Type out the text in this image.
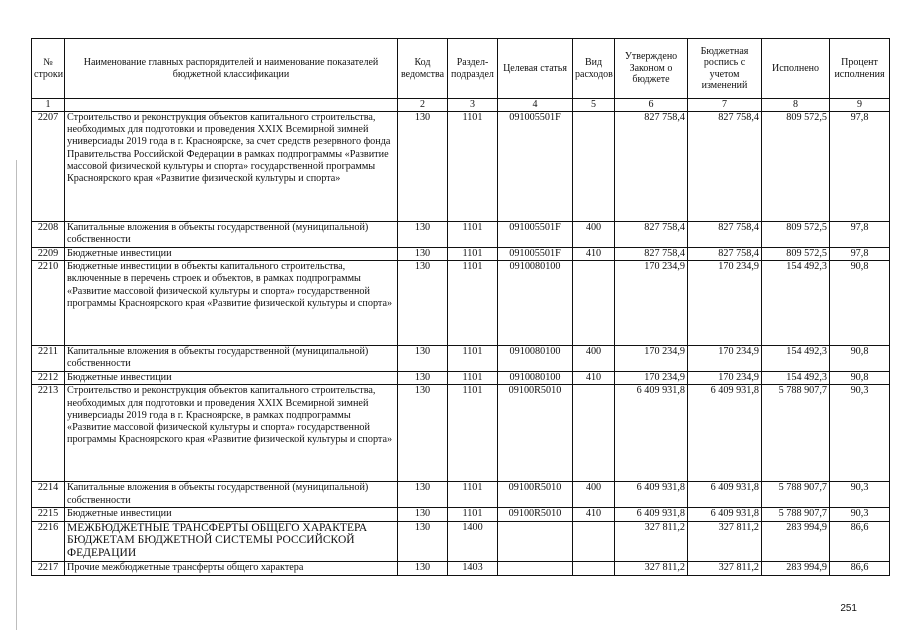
№ строки	Наименование главных распорядителей и наименование показателей бюджетной классификации	Код ведомства	Раздел-подраздел	Целевая статья	Вид расходов	Утверждено Законом о бюджете	Бюджетная роспись с учетом изменений	Исполнено	Процент исполнения
1		2	3	4	5	6	7	8	9
2207	Строительство и реконструкция объектов капитального строительства, необходимых для подготовки и проведения XXIX Всемирной зимней универсиады 2019 года в г. Красноярске, за счет средств резервного фонда Правительства Российской Федерации в рамках подпрограммы «Развитие массовой физической культуры и спорта» государственной программы Красноярского края «Развитие физической культуры и спорта»	130	1101	091005501F		827 758,4	827 758,4	809 572,5	97,8
2208	Капитальные вложения в объекты государственной (муниципальной) собственности	130	1101	091005501F	400	827 758,4	827 758,4	809 572,5	97,8
2209	Бюджетные инвестиции	130	1101	091005501F	410	827 758,4	827 758,4	809 572,5	97,8
2210	Бюджетные инвестиции в объекты капитального строительства, включенные в перечень строек и объектов, в рамках подпрограммы «Развитие массовой физической культуры и спорта» государственной программы Красноярского края «Развитие физической культуры и спорта»	130	1101	0910080100		170 234,9	170 234,9	154 492,3	90,8
2211	Капитальные вложения в объекты государственной (муниципальной) собственности	130	1101	0910080100	400	170 234,9	170 234,9	154 492,3	90,8
2212	Бюджетные инвестиции	130	1101	0910080100	410	170 234,9	170 234,9	154 492,3	90,8
2213	Строительство и реконструкция объектов капитального строительства, необходимых для подготовки и проведения XXIX Всемирной зимней универсиады 2019 года в г. Красноярске, в рамках подпрограммы «Развитие массовой физической культуры и спорта» государственной программы Красноярского края «Развитие физической культуры и спорта»	130	1101	09100R5010		6 409 931,8	6 409 931,8	5 788 907,7	90,3
2214	Капитальные вложения в объекты государственной (муниципальной) собственности	130	1101	09100R5010	400	6 409 931,8	6 409 931,8	5 788 907,7	90,3
2215	Бюджетные инвестиции	130	1101	09100R5010	410	6 409 931,8	6 409 931,8	5 788 907,7	90,3
2216	МЕЖБЮДЖЕТНЫЕ ТРАНСФЕРТЫ ОБЩЕГО ХАРАКТЕРА БЮДЖЕТАМ БЮДЖЕТНОЙ СИСТЕМЫ РОССИЙСКОЙ ФЕДЕРАЦИИ	130	1400			327 811,2	327 811,2	283 994,9	86,6
2217	Прочие межбюджетные трансферты общего характера	130	1403			327 811,2	327 811,2	283 994,9	86,6
251
